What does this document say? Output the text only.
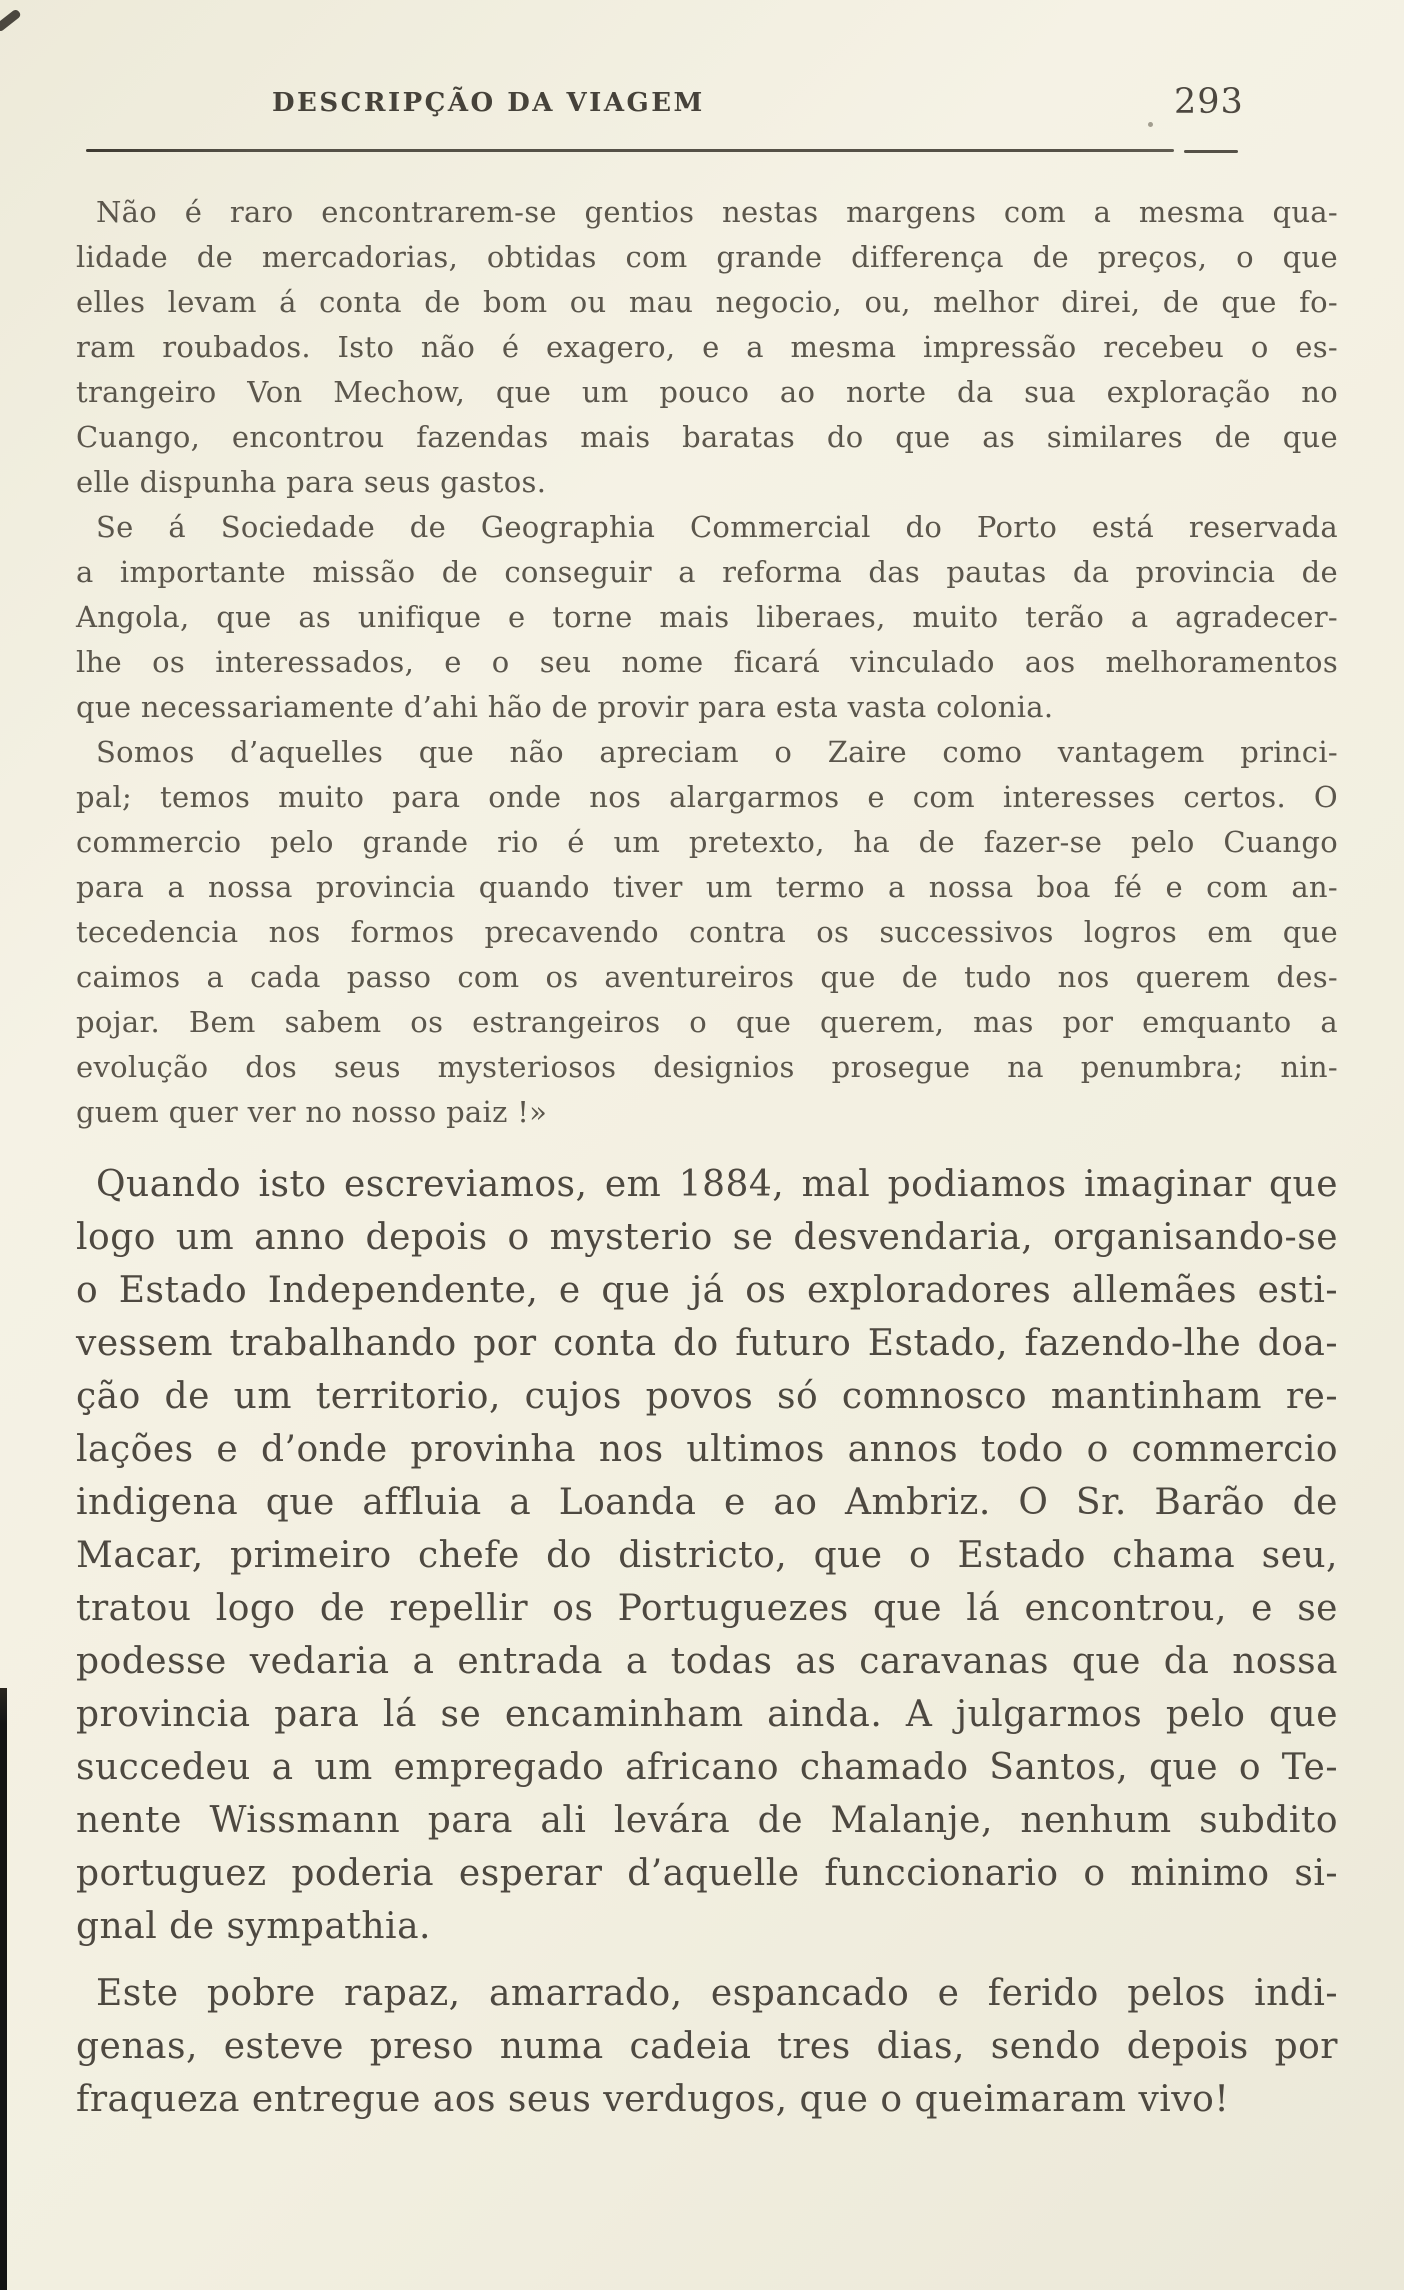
DESCRIPÇÃO DA VIAGEM	293
Não é raro encontrarem-se gentios nestas margens com a mesma qua-
lidade de mercadorias, obtidas com grande differença de preços, o que
elles levam á conta de bom ou mau negocio, ou, melhor direi, de que fo-
ram roubados. Isto não é exagero, e a mesma impressão recebeu o es-
trangeiro Von Mechow, que um pouco ao norte da sua exploração no
Cuango, encontrou fazendas mais baratas do que as similares de que
elle dispunha para seus gastos.
Se á Sociedade de Geographia Commercial do Porto está reservada
a importante missão de conseguir a reforma das pautas da provincia de
Angola, que as unifique e torne mais liberaes, muito terão a agradecer-
lhe os interessados, e o seu nome ficará vinculado aos melhoramentos
que necessariamente d’ahi hão de provir para esta vasta colonia.
Somos d’aquelles que não apreciam o Zaire como vantagem princi-
pal; temos muito para onde nos alargarmos e com interesses certos. O
commercio pelo grande rio é um pretexto, ha de fazer-se pelo Cuango
para a nossa provincia quando tiver um termo a nossa boa fé e com an-
tecedencia nos formos precavendo contra os successivos logros em que
caimos a cada passo com os aventureiros que de tudo nos querem des-
pojar. Bem sabem os estrangeiros o que querem, mas por emquanto a
evolução dos seus mysteriosos designios prosegue na penumbra; nin-
guem quer ver no nosso paiz !»
Quando isto escreviamos, em 1884, mal podiamos imaginar que
logo um anno depois o mysterio se desvendaria, organisando-se
o Estado Independente, e que já os exploradores allemães esti-
vessem trabalhando por conta do futuro Estado, fazendo-lhe doa-
ção de um territorio, cujos povos só comnosco mantinham re-
lações e d’onde provinha nos ultimos annos todo o commercio
indigena que affluia a Loanda e ao Ambriz. O Sr. Barão de
Macar, primeiro chefe do districto, que o Estado chama seu,
tratou logo de repellir os Portuguezes que lá encontrou, e se
podesse vedaria a entrada a todas as caravanas que da nossa
provincia para lá se encaminham ainda. A julgarmos pelo que
succedeu a um empregado africano chamado Santos, que o Te-
nente Wissmann para ali levára de Malanje, nenhum subdito
portuguez poderia esperar d’aquelle funccionario o minimo si-
gnal de sympathia.
Este pobre rapaz, amarrado, espancado e ferido pelos indi-
genas, esteve preso numa cadeia tres dias, sendo depois por
fraqueza entregue aos seus verdugos, que o queimaram vivo!
